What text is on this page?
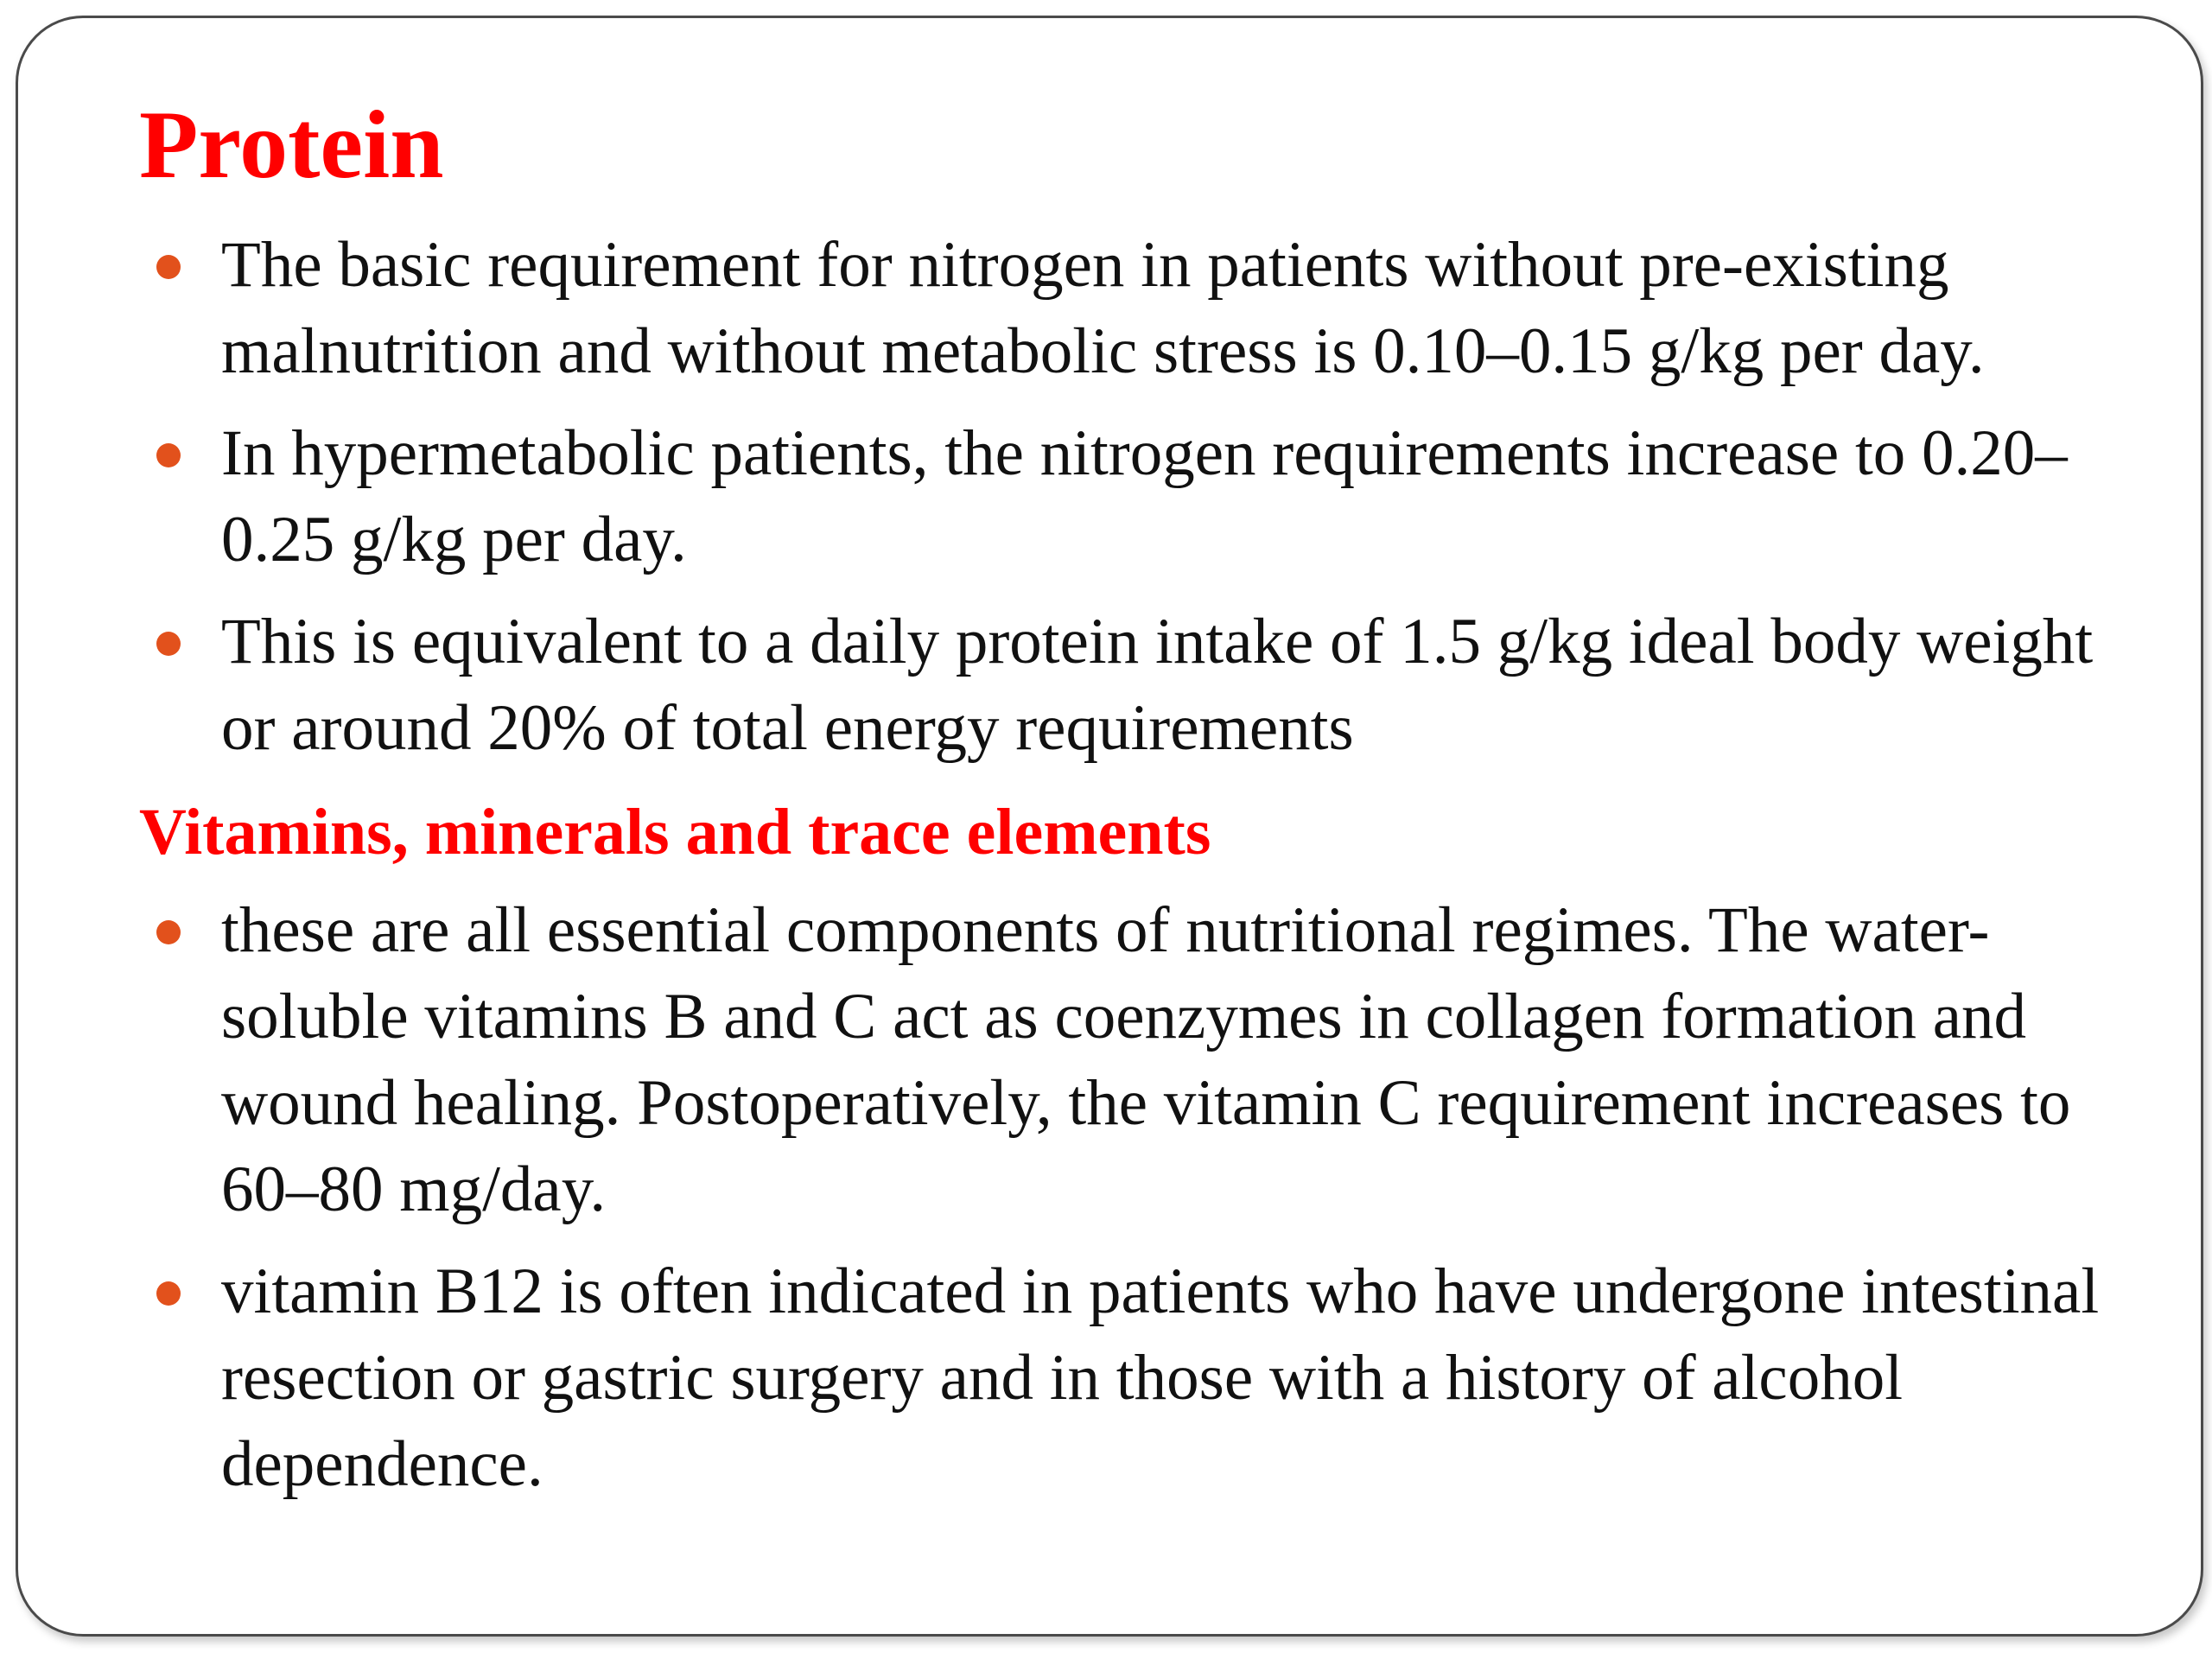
Protein
The basic requirement for nitrogen in patients without pre-existing malnutrition and without metabolic stress is 0.10–0.15 g/kg per day.
In hypermetabolic patients, the nitrogen requirements increase to 0.20–0.25 g/kg per day.
This is equivalent to a daily protein intake of 1.5 g/kg ideal body weight or around 20% of total energy requirements
Vitamins, minerals and trace elements
these are all essential components of nutritional regimes. The water-soluble vitamins B and C act as coenzymes in collagen formation and wound healing. Postoperatively, the vitamin C requirement increases to 60–80 mg/day.
vitamin B12 is often indicated in patients who have undergone intestinal resection or gastric surgery and in those with a history of alcohol dependence.
